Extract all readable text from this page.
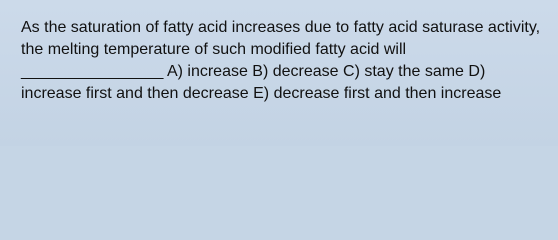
As the saturation of fatty acid increases due to fatty acid saturase activity, the melting temperature of such modified fatty acid will ________________ A) increase B) decrease C) stay the same D) increase first and then decrease E) decrease first and then increase
